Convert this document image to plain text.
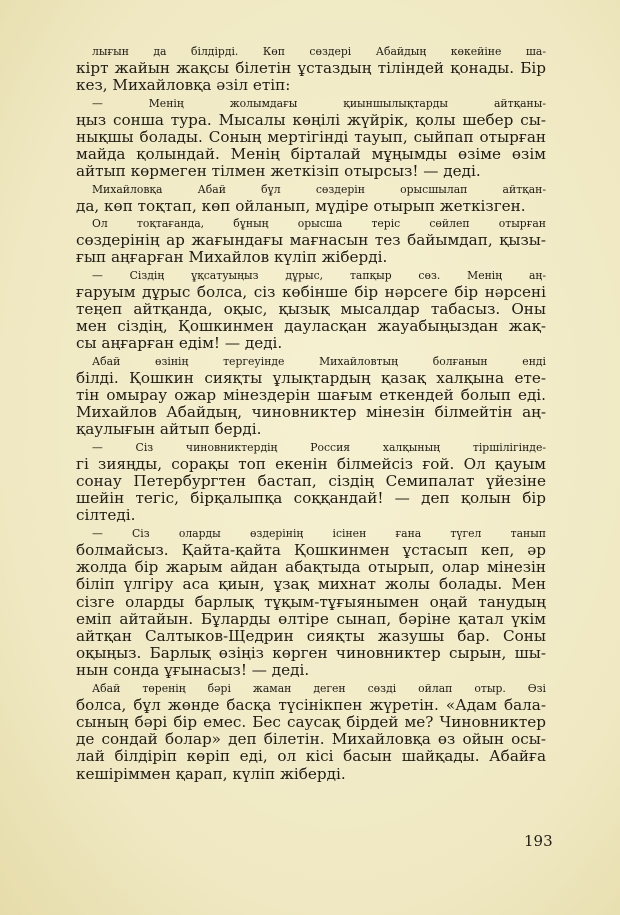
лығын да білдірді. Көп сөздері Абайдың көкейіне ша-
кірт жайын жақсы білетін ұстаздың тіліндей қонады. Бір
кез, Михайловқа әзіл етіп:

— Менің жолымдағы қиыншылықтарды айтқаны-
ңыз сонша тура. Мысалы көңілі жүйрік, қолы шебер сы-
нықшы болады. Соның мертігінді тауып, сыйпап отырған
майда қолындай. Менің бірталай мұңымды өзіме өзім
айтып көрмеген тілмен жеткізіп отырсыз! — деді.

Михайловқа Абай бұл сөздерін орысшылап айтқан-
да, көп тоқтап, көп ойланып, мүдіре отырып жеткізген.

Ол тоқтағанда, бұның орысша теріс сөйлеп отырған
сөздерінің ар жағындағы мағнасын тез байымдап, қызы-
ғып аңғарған Михайлов күліп жіберді.

— Сіздің ұқсатуыңыз дұрыс, тапқыр сөз. Менің аң-
ғаруым дұрыс болса, сіз көбінше бір нәрсеге бір нәрсені
теңеп айтқанда, оқыс, қызық мысалдар табасыз. Оны
мен сіздің, Қошкинмен дауласқан жауабыңыздан жақ-
сы аңғарған едім! — деді.

Абай өзінің тергеуінде Михайловтың болғанын енді
білді. Қошкин сияқты ұлықтардың қазақ халқына ете-
тін омырау ожар мінездерін шағым еткендей болып еді.
Михайлов Абайдың, чиновниктер мінезін білмейтін аң-
қаулығын айтып берді.

— Сіз чиновниктердің Россия халқының тіршілігінде-
гі зияңды, сорақы топ екенін білмейсіз ғой. Ол қауым
сонау Петербургтен бастап, сіздің Семипалат үйезіне
шейін тегіс, бірқалыпқа соққандай! — деп қолын бір
сілтеді.

— Сіз оларды өздерінің ісінен ғана түгел танып
болмайсыз. Қайта-қайта Қошкинмен ұстасып кеп, әр
жолда бір жарым айдан абақтыда отырып, олар мінезін
біліп үлгіру аса қиын, ұзақ михнат жолы болады. Мен
сізге оларды барлық тұқым-тұғыянымен оңай танудың
еміп айтайын. Бұларды өлтіре сынап, бәріне қатал үкім
айтқан Салтыков-Щедрин сияқты жазушы бар. Соны
оқыңыз. Барлық өзіңіз көрген чиновниктер сырын, шы-
нын сонда ұғынасыз! — деді.

Абай төренің бәрі жаман деген сөзді ойлап отыр. Өзі
болса, бұл жөнде басқа түсінікпен жүретін. «Адам бала-
сының бәрі бір емес. Бес саусақ бірдей ме? Чиновниктер
де сондай болар» деп білетін. Михайловқа өз ойын осы-
лай білдіріп көріп еді, ол кісі басын шайқады. Абайға
кешіріммен қарап, күліп жіберді.

193
